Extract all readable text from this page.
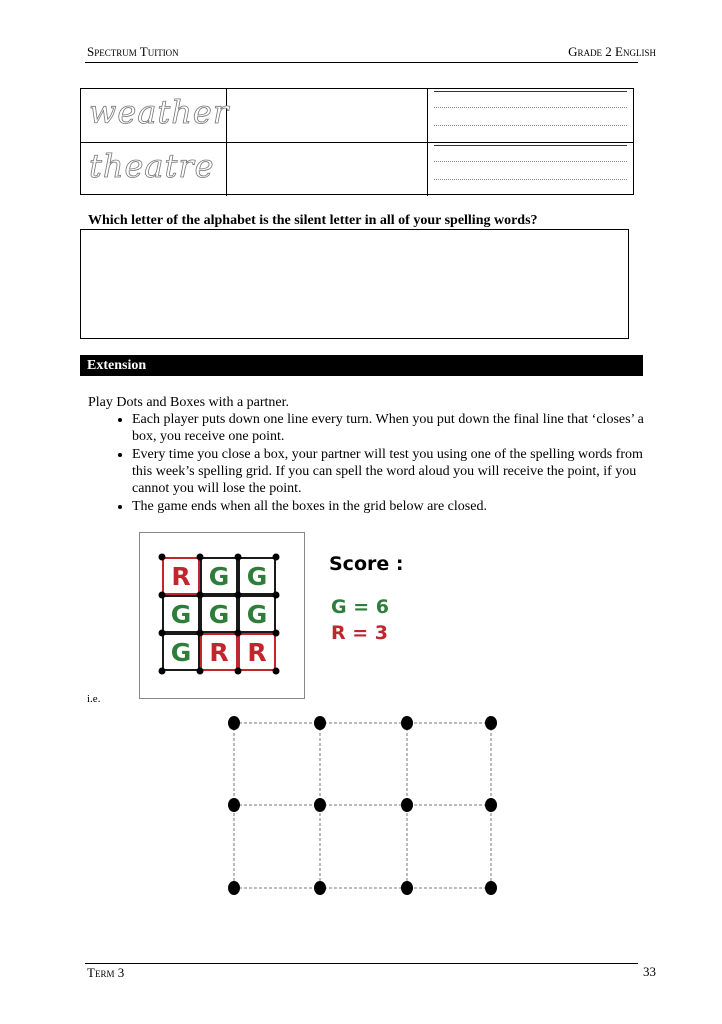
Spectrum Tuition	Grade 2 English
weather
theatre
Which letter of the alphabet is the silent letter in all of your spelling words?
Extension
Play Dots and Boxes with a partner.
• Each player puts down one line every turn. When you put down the final line that ‘closes’ a box, you receive one point.
• Every time you close a box, your partner will test you using one of the spelling words from this week’s spelling grid. If you can spell the word aloud you will receive the point, if you cannot you will lose the point.
• The game ends when all the boxes in the grid below are closed.
R G G
G G G
G R R
Score :
G = 6
R = 3
i.e.
Term 3	33
